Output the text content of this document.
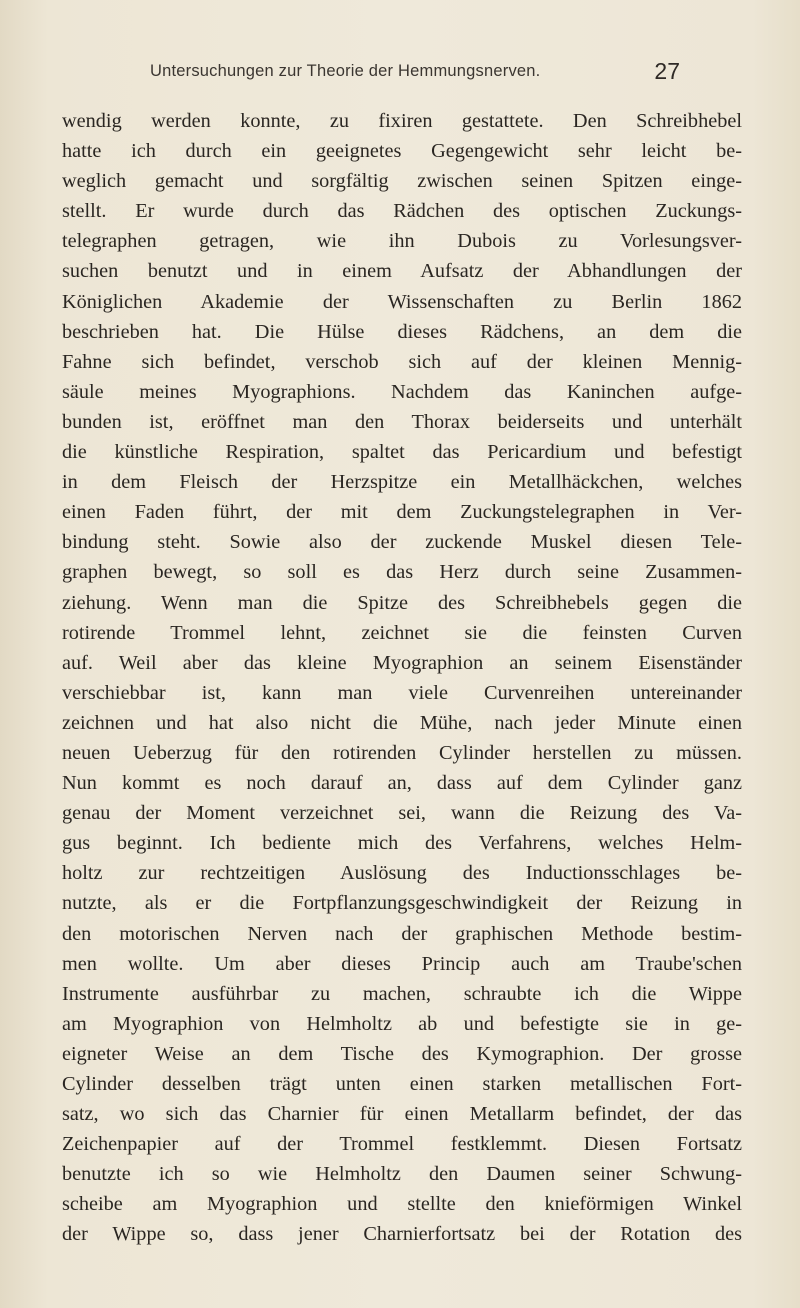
Untersuchungen zur Theorie der Hemmungsnerven.	27
wendig werden konnte, zu fixiren gestattete. Den Schreibhebel
hatte ich durch ein geeignetes Gegengewicht sehr leicht be-
weglich gemacht und sorgfältig zwischen seinen Spitzen einge-
stellt. Er wurde durch das Rädchen des optischen Zuckungs-
telegraphen getragen, wie ihn Dubois zu Vorlesungsver-
suchen benutzt und in einem Aufsatz der Abhandlungen der
Königlichen Akademie der Wissenschaften zu Berlin 1862
beschrieben hat. Die Hülse dieses Rädchens, an dem die
Fahne sich befindet, verschob sich auf der kleinen Mennig-
säule meines Myographions. Nachdem das Kaninchen aufge-
bunden ist, eröffnet man den Thorax beiderseits und unterhält
die künstliche Respiration, spaltet das Pericardium und befestigt
in dem Fleisch der Herzspitze ein Metallhäckchen, welches
einen Faden führt, der mit dem Zuckungstelegraphen in Ver-
bindung steht. Sowie also der zuckende Muskel diesen Tele-
graphen bewegt, so soll es das Herz durch seine Zusammen-
ziehung. Wenn man die Spitze des Schreibhebels gegen die
rotirende Trommel lehnt, zeichnet sie die feinsten Curven
auf. Weil aber das kleine Myographion an seinem Eisenständer
verschiebbar ist, kann man viele Curvenreihen untereinander
zeichnen und hat also nicht die Mühe, nach jeder Minute einen
neuen Ueberzug für den rotirenden Cylinder herstellen zu müssen.
Nun kommt es noch darauf an, dass auf dem Cylinder ganz
genau der Moment verzeichnet sei, wann die Reizung des Va-
gus beginnt. Ich bediente mich des Verfahrens, welches Helm-
holtz zur rechtzeitigen Auslösung des Inductionsschlages be-
nutzte, als er die Fortpflanzungsgeschwindigkeit der Reizung in
den motorischen Nerven nach der graphischen Methode bestim-
men wollte. Um aber dieses Princip auch am Traube'schen
Instrumente ausführbar zu machen, schraubte ich die Wippe
am Myographion von Helmholtz ab und befestigte sie in ge-
eigneter Weise an dem Tische des Kymographion. Der grosse
Cylinder desselben trägt unten einen starken metallischen Fort-
satz, wo sich das Charnier für einen Metallarm befindet, der das
Zeichenpapier auf der Trommel festklemmt. Diesen Fortsatz
benutzte ich so wie Helmholtz den Daumen seiner Schwung-
scheibe am Myographion und stellte den knieförmigen Winkel
der Wippe so, dass jener Charnierfortsatz bei der Rotation des
